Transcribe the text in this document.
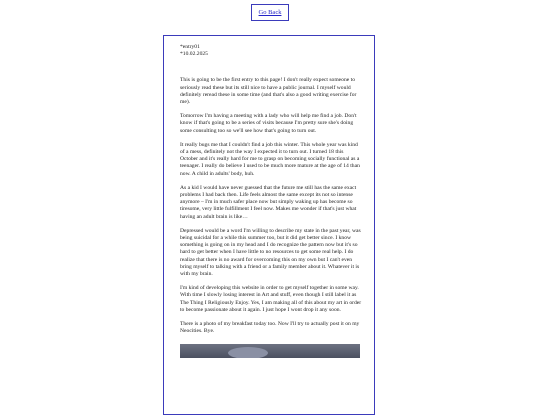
Go Back

*entry01

*10.02.2025

This is going to be the first entry to this page! I don't really expect someone to seriously read these but its still nice to have a public journal. I myself would definitely reread these in some time (and that's also a good writing exercise for me).

Tomorrow I'm having a meeting with a lady who will help me find a job. Don't know if that's going to be a series of visits because I'm pretty sure she's doing some consulting too so we'll see how that's going to turn out.

It really bugs me that I couldn't find a job this winter. This whole year was kind of a mess, definitely not the way I expected it to turn out. I turned 18 this October and it's really hard for me to grasp on becoming socially functional as a teenager. I really do believe I used to be much more mature at the age of 14 than now. A child in adults' body, huh.

As a kid I would have never guessed that the future me still has the same exact problems I had back then. Life feels almost the same except its not so intense anymore – I'm in much safer place now but simply waking up has become so tiresome, very little fulfillment I feel now. Makes me wonder if that's just what having an adult brain is like…

Depressed would be a word I'm willing to describe my state in the past year, was being suicidal for a while this summer too, but it did get better since. I know something is going on in my head and I do recognize the pattern now but it's so hard to get better when I have little to no resources to get some real help. I do realize that there is no award for overcoming this on my own but I can't even bring myself to talking with a friend or a family member about it. Whatever it is with my brain.

I'm kind of developing this website in order to get myself together in some way. With time I slowly losing interest in Art and stuff, even though I still label it as The Thing I Religiously Enjoy. Yes, I am making all of this about my art in order to become passionate about it again. I just hope I wont drop it any soon.

There is a photo of my breakfast today too. Now I'll try to actually post it on my Neocities. Bye.
